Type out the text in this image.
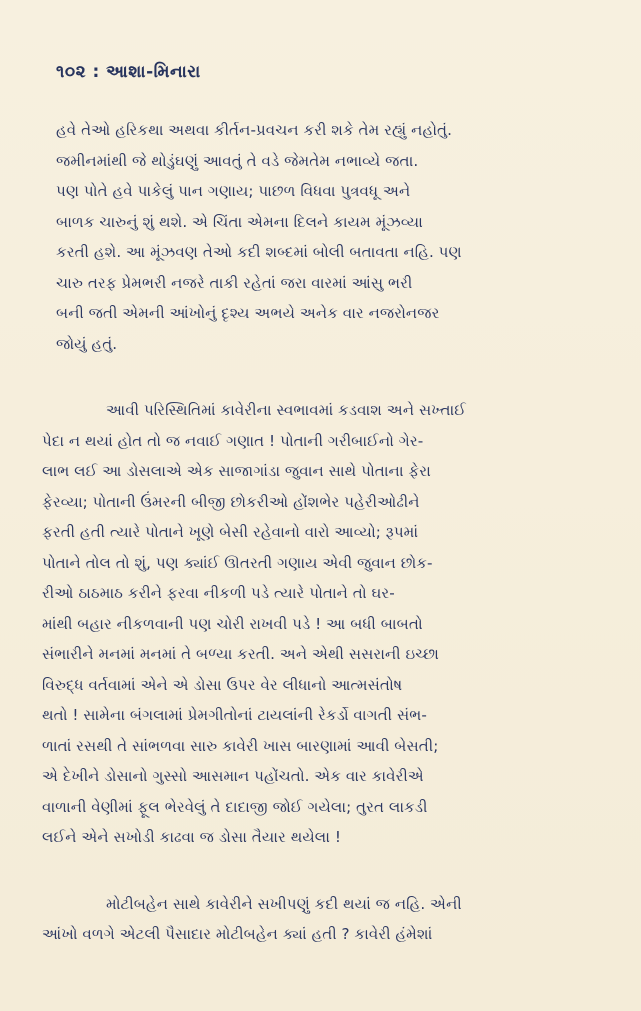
૧૦૨ : આશા-મિનારા

હવે તેઓ હરિકથા અથવા કીર્તન-પ્રવચન કરી શકે તેમ રહ્યું નહોતું.
જમીનમાંથી જે થોડુંઘણું આવતું તે વડે જેમતેમ નભાવ્યે જતા.
પણ પોતે હવે પાકેલું પાન ગણાય; પાછળ વિધવા પુત્રવધૂ અને
બાળક ચારુનું શું થશે. એ ચિંતા એમના દિલને કાયમ મૂંઝવ્યા
કરતી હશે. આ મૂંઝવણ તેઓ કદી શબ્દમાં બોલી બતાવતા નહિ. પણ
ચારુ તરફ પ્રેમભરી નજરે તાકી રહેતાં જરા વારમાં આંસુ ભરી
બની જતી એમની આંખોનું દૃશ્ય અભયે અનેક વાર નજરોનજર
જોયું હતું.

આવી પરિસ્થિતિમાં કાવેરીના સ્વભાવમાં કડવાશ અને સખ્તાઈ
પેદા ન થયાં હોત તો જ નવાઈ ગણાત ! પોતાની ગરીબાઈનો ગેર-
લાભ લઈ આ ડોસલાએ એક સાજાગાંડા જુવાન સાથે પોતાના ફેરા
ફેરવ્યા; પોતાની ઉંમરની બીજી છોકરીઓ હોંશભેર પહેરીઓઢીને
ફરતી હતી ત્યારે પોતાને ખૂણે બેસી રહેવાનો વારો આવ્યો; રૂપમાં
પોતાને તોલ તો શું, પણ ક્યાંઈ ઊતરતી ગણાય એવી જુવાન છોક-
રીઓ ઠાઠમાઠ કરીને ફરવા નીકળી પડે ત્યારે પોતાને તો ઘર-
માંથી બહાર નીકળવાની પણ ચોરી રાખવી પડે ! આ બધી બાબતો
સંભારીને મનમાં મનમાં તે બળ્યા કરતી. અને એથી સસરાની ઇચ્છા
વિરુદ્ધ વર્તવામાં એને એ ડોસા ઉપર વેર લીધાનો આત્મસંતોષ
થતો ! સામેના બંગલામાં પ્રેમગીતોનાં ટાયલાંની રેકર્ડો વાગતી સંભ-
ળાતાં રસથી તે સાંભળવા સારુ કાવેરી ખાસ બારણામાં આવી બેસતી;
એ દેખીને ડોસાનો ગુસ્સો આસમાન પહોંચતો. એક વાર કાવેરીએ
વાળાની વેણીમાં ફૂલ ભેરવેલું તે દાદાજી જોઈ ગયેલા; તુરત લાકડી
લઈને એને સખોડી કાઢવા જ ડોસા તૈયાર થયેલા !

મોટીબહેન સાથે કાવેરીને સખીપણું કદી થયાં જ નહિ. એની
આંખો વળગે એટલી પૈસાદાર મોટીબહેન ક્યાં હતી ? કાવેરી હંમેશાં
